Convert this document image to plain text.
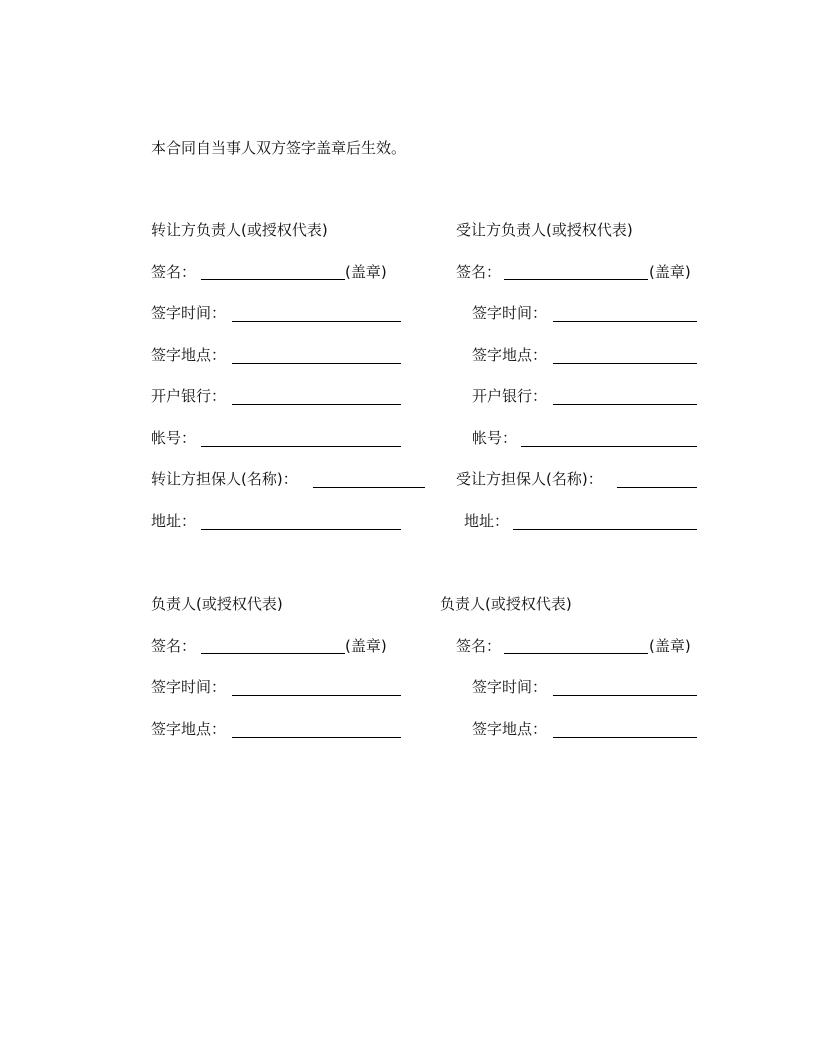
本合同自当事人双方签字盖章后生效。
转让方负责人(或授权代表)
签名：	(盖章)
签字时间：
签字地点：
开户银行：
帐号：
转让方担保人(名称)：
地址：
受让方负责人(或授权代表)
签名：	(盖章)
签字时间：
签字地点：
开户银行：
帐号：
受让方担保人(名称)：
地址：
负责人(或授权代表)
签名：	(盖章)
签字时间：
签字地点：
负责人(或授权代表)
签名：	(盖章)
签字时间：
签字地点：
